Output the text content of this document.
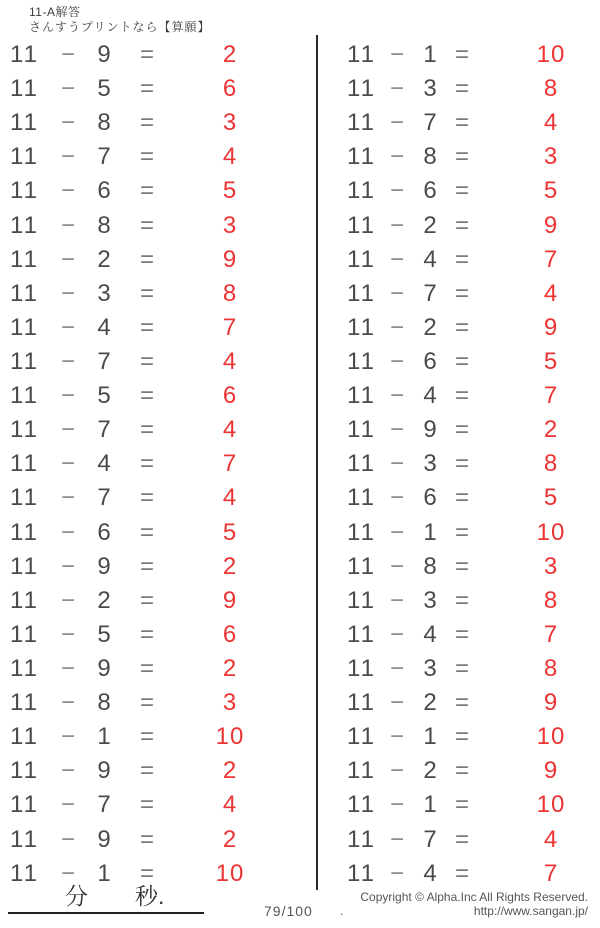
11-A解答
さんすうプリントなら【算願】
11 − 9	=	2
11 − 5	=	6
11 − 8	=	3
11 − 7	=	4
11 − 6	=	5
11 − 8	=	3
11 − 2	=	9
11 − 3	=	8
11 − 4	=	7
11 − 7	=	4
11 − 5	=	6
11 − 7	=	4
11 − 4	=	7
11 − 7	=	4
11 − 6	=	5
11 − 9	=	2
11 − 2	=	9
11 − 5	=	6
11 − 9	=	2
11 − 8	=	3
11 − 1	=	10
11 − 9	=	2
11 − 7	=	4
11 − 9	=	2
11 − 1	=	10
11 − 1 =	10
11 − 3 =	8
11 − 7 =	4
11 − 8 =	3
11 − 6 =	5
11 − 2 =	9
11 − 4 =	7
11 − 7 =	4
11 − 2 =	9
11 − 6 =	5
11 − 4 =	7
11 − 9 =	2
11 − 3 =	8
11 − 6 =	5
11 − 1 =	10
11 − 8 =	3
11 − 3 =	8
11 − 4 =	7
11 − 3 =	8
11 − 2 =	9
11 − 1 =	10
11 − 2 =	9
11 − 1 =	10
11 − 7 =	4
11 − 4 =	7
分 秒.
79/100
Copyright © Alpha.Inc All Rights Reserved.
.	http://www.sangan.jp/
